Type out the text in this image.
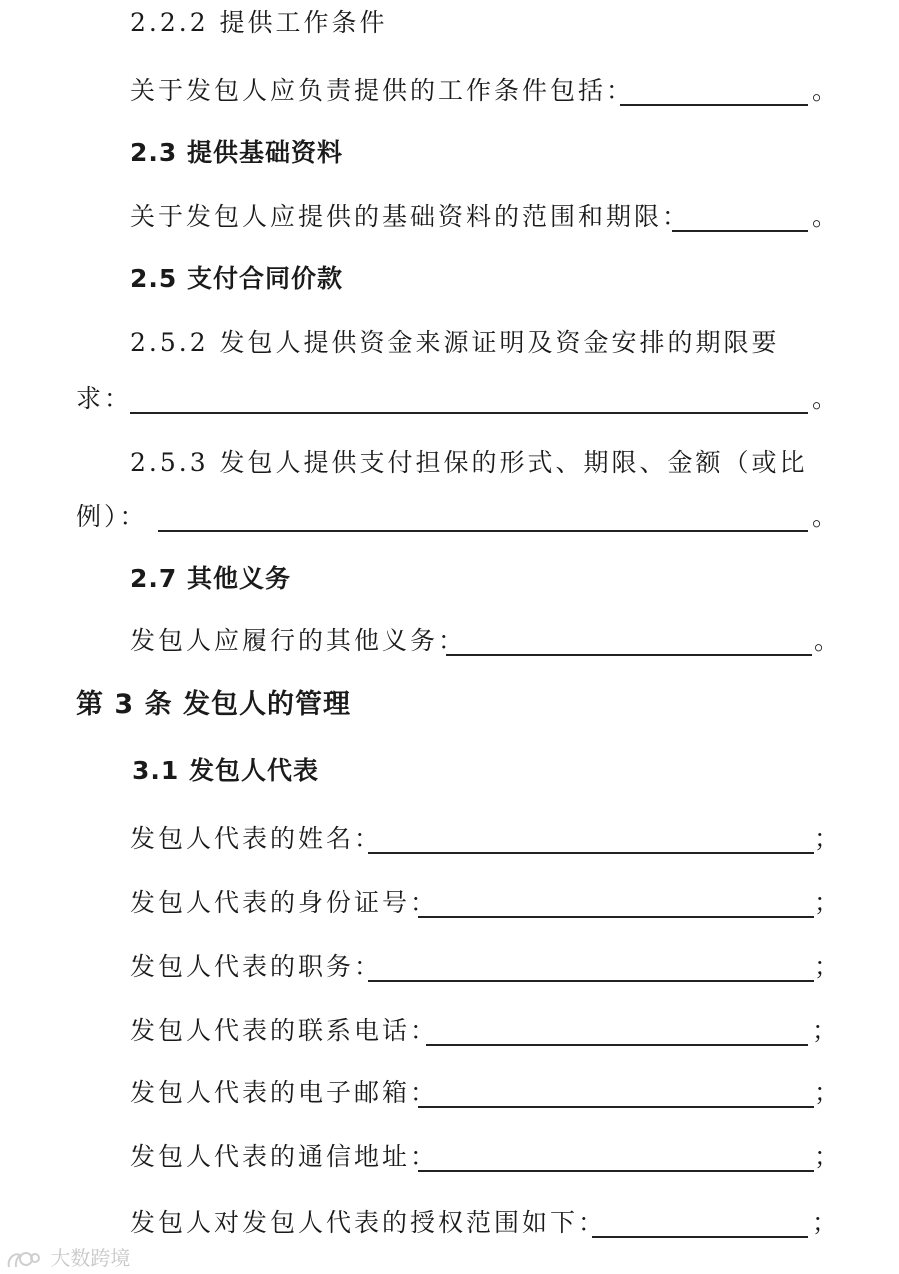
2.2.2 提供工作条件
关于发包人应负责提供的工作条件包括：	。
2.3 提供基础资料
关于发包人应提供的基础资料的范围和期限：	。
2.5 支付合同价款
2.5.2 发包人提供资金来源证明及资金安排的期限要
求：	。
2.5.3 发包人提供支付担保的形式、期限、金额（或比
例）：	。
2.7 其他义务
发包人应履行的其他义务：	。
第 3 条 发包人的管理
3.1 发包人代表
发包人代表的姓名：	；
发包人代表的身份证号：	；
发包人代表的职务：	；
发包人代表的联系电话：	；
发包人代表的电子邮箱：	；
发包人代表的通信地址：	；
发包人对发包人代表的授权范围如下：	；
大数跨境
